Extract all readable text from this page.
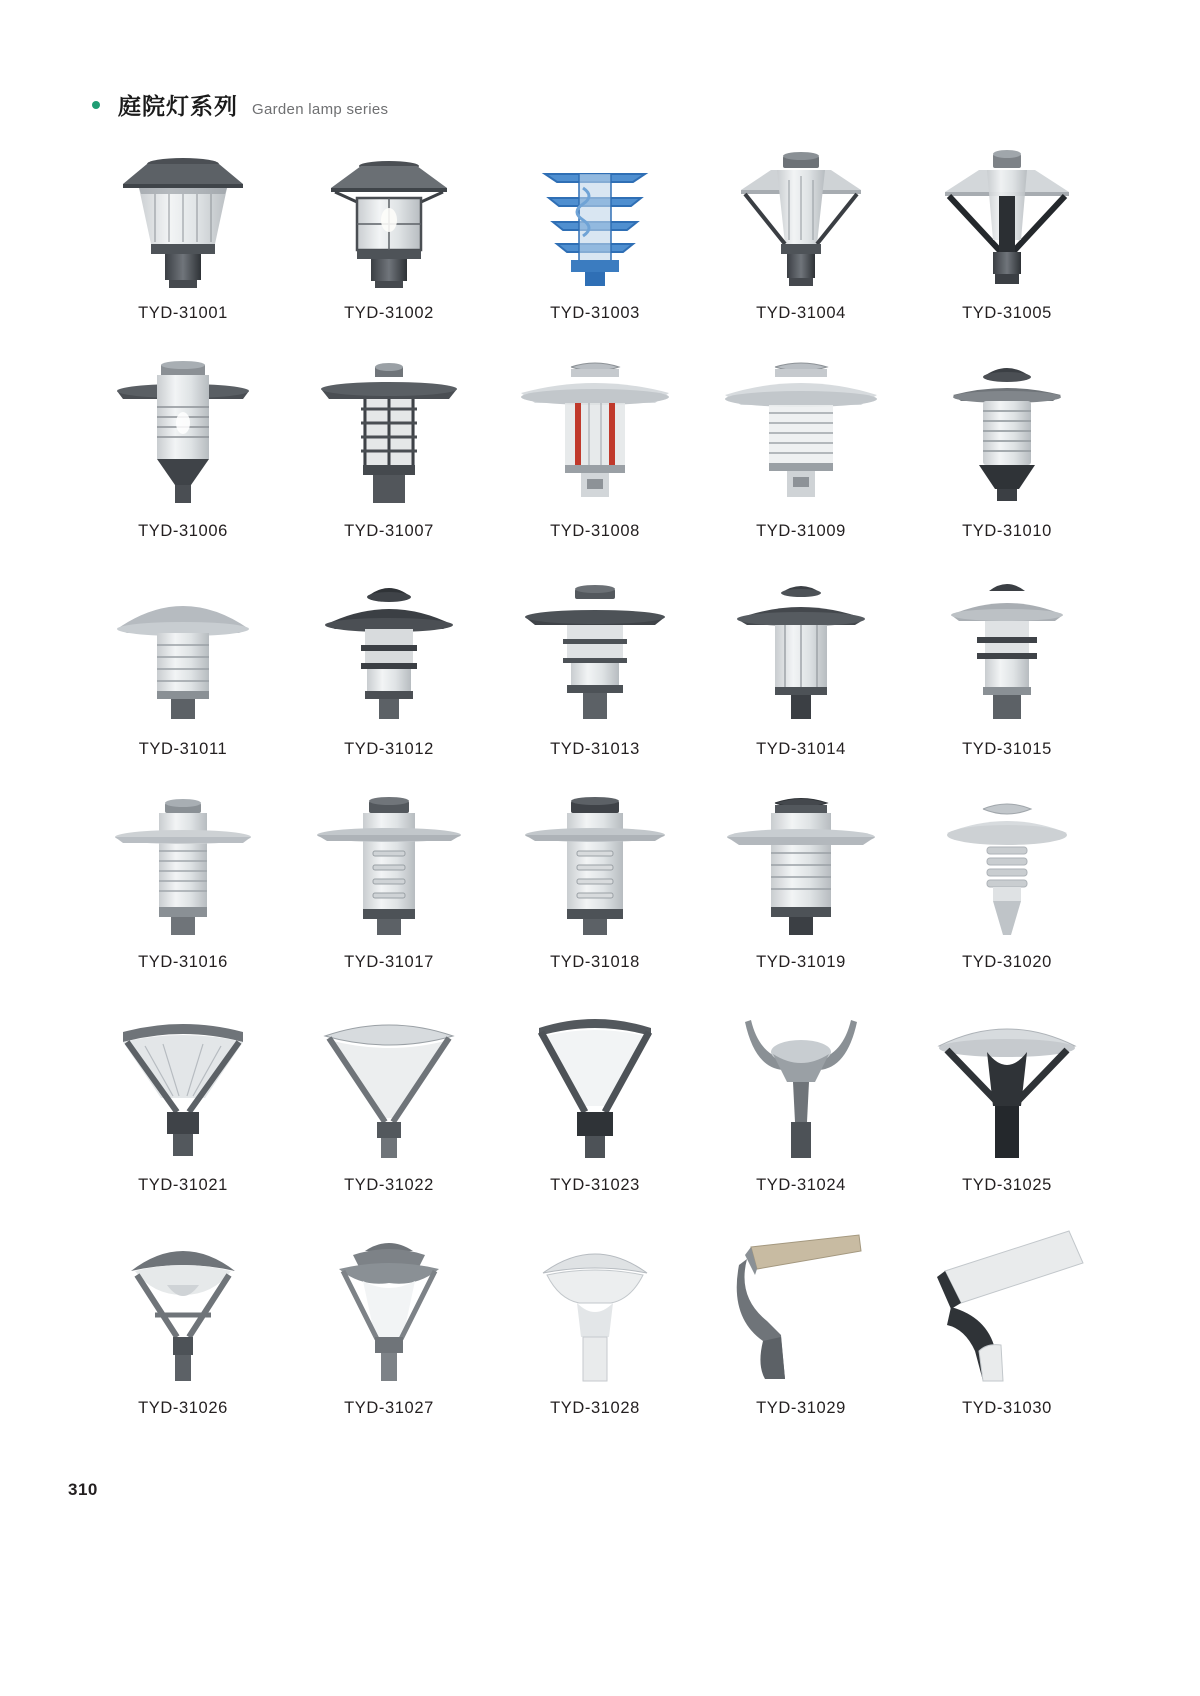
庭院灯系列 Garden lamp series
TYD-31001	TYD-31002	TYD-31003	TYD-31004	TYD-31005
TYD-31006	TYD-31007	TYD-31008	TYD-31009	TYD-31010
TYD-31011	TYD-31012	TYD-31013	TYD-31014	TYD-31015
TYD-31016	TYD-31017	TYD-31018	TYD-31019	TYD-31020
TYD-31021	TYD-31022	TYD-31023	TYD-31024	TYD-31025
TYD-31026	TYD-31027	TYD-31028	TYD-31029	TYD-31030
310
